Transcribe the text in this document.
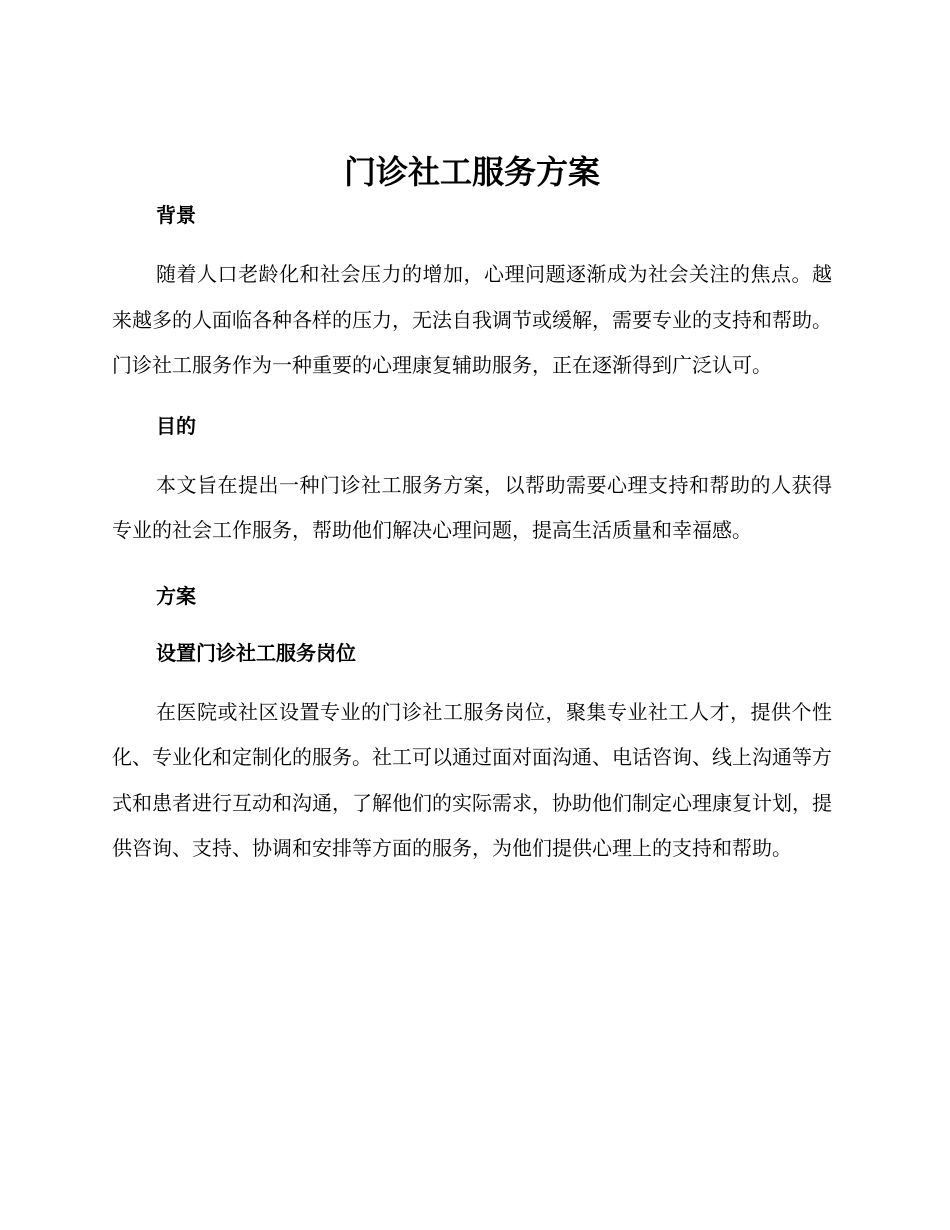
门诊社工服务方案

背景

随着人口老龄化和社会压力的增加，心理问题逐渐成为社会关注的焦点。越来越多的人面临各种各样的压力，无法自我调节或缓解，需要专业的支持和帮助。门诊社工服务作为一种重要的心理康复辅助服务，正在逐渐得到广泛认可。

目的

本文旨在提出一种门诊社工服务方案，以帮助需要心理支持和帮助的人获得专业的社会工作服务，帮助他们解决心理问题，提高生活质量和幸福感。

方案

设置门诊社工服务岗位

在医院或社区设置专业的门诊社工服务岗位，聚集专业社工人才，提供个性化、专业化和定制化的服务。社工可以通过面对面沟通、电话咨询、线上沟通等方式和患者进行互动和沟通，了解他们的实际需求，协助他们制定心理康复计划，提供咨询、支持、协调和安排等方面的服务，为他们提供心理上的支持和帮助。
